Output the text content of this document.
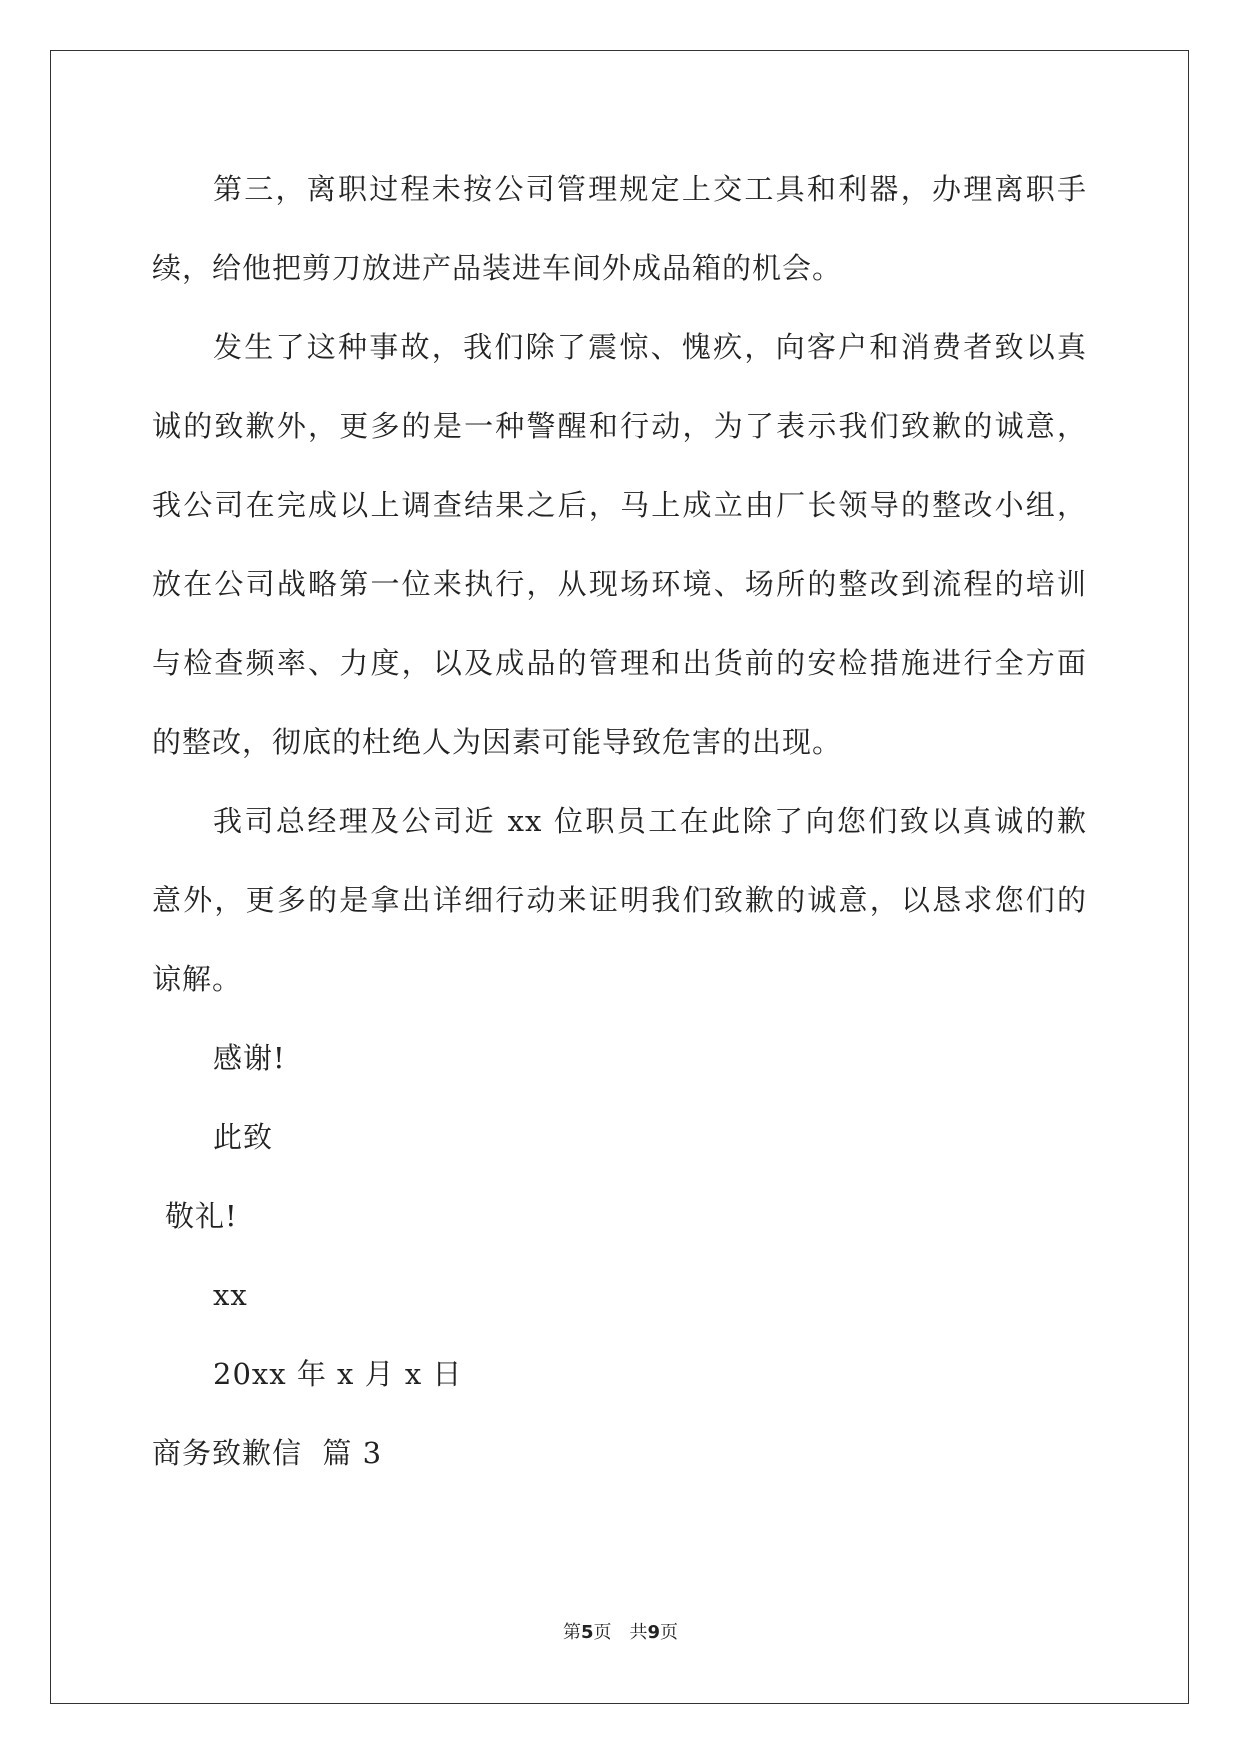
第三，离职过程未按公司管理规定上交工具和利器，办理离职手
续，给他把剪刀放进产品装进车间外成品箱的机会。
发生了这种事故，我们除了震惊、愧疚，向客户和消费者致以真
诚的致歉外，更多的是一种警醒和行动，为了表示我们致歉的诚意，
我公司在完成以上调查结果之后，马上成立由厂长领导的整改小组，
放在公司战略第一位来执行，从现场环境、场所的整改到流程的培训
与检查频率、力度，以及成品的管理和出货前的安检措施进行全方面
的整改，彻底的杜绝人为因素可能导致危害的出现。
我司总经理及公司近 xx 位职员工在此除了向您们致以真诚的歉
意外，更多的是拿出详细行动来证明我们致歉的诚意，以恳求您们的
谅解。
感谢!
此致
敬礼!
xx
20xx 年 x 月 x 日
商务致歉信  篇 3
第5页 共9页
